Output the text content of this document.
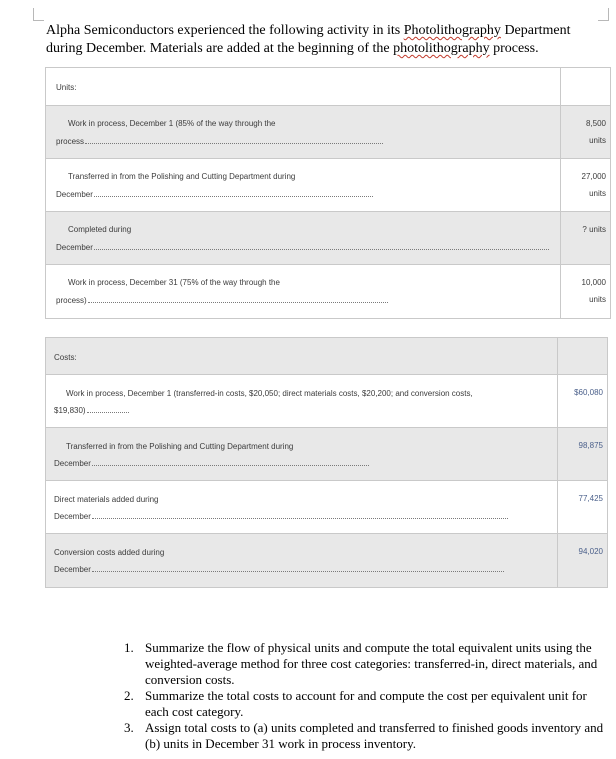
Alpha Semiconductors experienced the following activity in its Photolithography Department during December. Materials are added at the beginning of the photolithography process.
Units:
Work in process, December 1 (85% of the way through the
process
8,500
units
Transferred in from the Polishing and Cutting Department during
December
27,000
units
Completed during
December
? units
Work in process, December 31 (75% of the way through the
process)
10,000
units
Costs:
Work in process, December 1 (transferred-in costs, $20,050; direct materials costs, $20,200; and conversion costs,
$19,830)
$60,080
Transferred in from the Polishing and Cutting Department during
December
98,875
Direct materials added during
December
77,425
Conversion costs added during
December
94,020
1. Summarize the flow of physical units and compute the total equivalent units using the weighted-average method for three cost categories: transferred-in, direct materials, and conversion costs.
2. Summarize the total costs to account for and compute the cost per equivalent unit for each cost category.
3. Assign total costs to (a) units completed and transferred to finished goods inventory and (b) units in December 31 work in process inventory.
